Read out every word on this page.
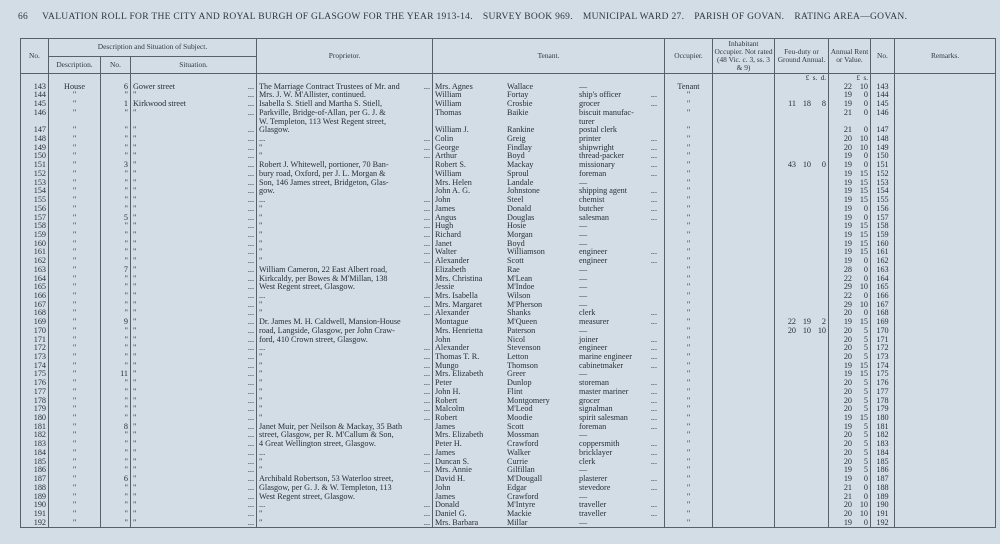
66 VALUATION ROLL FOR THE CITY AND ROYAL BURGH OF GLASGOW FOR THE YEAR 1913-14. SURVEY BOOK 969. MUNICIPAL WARD 27. PARISH OF GOVAN. RATING AREA—GOVAN.
No.	Description and Situation of Subject.			Proprietor.	Tenant.	Occupier.	Inhabitant Occupier. Not rated (48 Vic. c. 3, ss. 3 & 9)	Feu-duty or Ground Annual.	Annual Rent or Value.	No.	Remarks.
	Description.	No.	Situation.								
								£ s. d.	£ s.		
143	House	6	Gower street ...	The Marriage Contract Trustees of Mr. and ...	Mrs. Agnes Wallace —	Tenant			22 10	143	
144	"	"	" ...	Mrs. J. W. M'Allister, continued.	William Fortay ship's officer ...	"			19 0	144	
145	"	1	Kirkwood street ...	Isabella S. Stiell and Martha S. Stiell,	William Crosbie grocer ...	"		11 18 8	19 0	145	
146	"	"	" ...	Parkville, Bridge-of-Allan, per G. J. &	Thomas Baikie biscuit manufac-	"			21 0	146	

				W. Templeton, 113 West Regent street,	turer						

147	"	"	" ...	Glasgow.	William J. Rankine postal clerk	"			21 0	147	
148	"	"	" ...	... ...	Colin Greig printer ...	"			20 10	148	
149	"	"	" ...	" ...	George Findlay shipwright ...	"			20 10	149	
150	"	"	" ...	" ...	Arthur Boyd thread-packer ...	"			19 0	150	
151	"	3	" ...	Robert J. Whitewell, portioner, 70 Ban-	Robert S. Mackay missionary ...	"		43 10 0	19 0	151	
152	"	"	" ...	bury road, Oxford, per J. L. Morgan &	William Sproul foreman ...	"			19 15	152	
153	"	"	" ...	Son, 146 James street, Bridgeton, Glas-	Mrs. Helen Landale —	"			19 15	153	
154	"	"	" ...	gow.	John A. G. Johnstone shipping agent ...	"			19 15	154	
155	"	"	" ...	... ...	John Steel chemist ...	"			19 15	155	
156	"	"	" ...	" ...	James Donald butcher ...	"			19 0	156	
157	"	5	" ...	" ...	Angus Douglas salesman ...	"			19 0	157	
158	"	"	" ...	" ...	Hugh Hosie —	"			19 15	158	
159	"	"	" ...	" ...	Richard Morgan —	"			19 15	159	
160	"	"	" ...	" ...	Janet Boyd —	"			19 15	160	
161	"	"	" ...	" ...	Walter Williamson engineer ...	"			19 15	161	
162	"	"	" ...	" ...	Alexander Scott engineer ...	"			19 0	162	
163	"	7	" ...	William Cameron, 22 East Albert road,	Elizabeth Rae —	"			28 0	163	
164	"	"	" ...	Kirkcaldy, per Bowes & M'Millan, 138	Mrs. Christina M'Lean —	"			22 0	164	
165	"	"	" ...	West Regent street, Glasgow.	Jessie M'Indoe —	"			29 10	165	
166	"	"	" ...	... ...	Mrs. Isabella Wilson —	"			22 0	166	
167	"	"	" ...	" ...	Mrs. Margaret M'Pherson —	"			29 10	167	
168	"	"	" ...	" ...	Alexander Shanks clerk ...	"			20 0	168	
169	"	9	" ...	Dr. James M. H. Caldwell, Mansion-House	Montague M'Queen measurer ...	"		22 19 2	19 15	169	
170	"	"	" ...	road, Langside, Glasgow, per John Craw-	Mrs. Henrietta Paterson —	"		20 10 10	20 5	170	
171	"	"	" ...	ford, 410 Crown street, Glasgow.	John Nicol joiner ...	"			20 5	171	
172	"	"	" ...	... ...	Alexander Stevenson engineer ...	"			20 5	172	
173	"	"	" ...	" ...	Thomas T. R. Letton marine engineer ...	"			20 5	173	
174	"	"	" ...	" ...	Mungo Thomson cabinetmaker ...	"			19 15	174	
175	"	11	" ...	" ...	Mrs. Elizabeth Greer —	"			19 15	175	
176	"	"	" ...	" ...	Peter Dunlop storeman ...	"			20 5	176	
177	"	"	" ...	" ...	John H. Flint master mariner ...	"			20 5	177	
178	"	"	" ...	" ...	Robert Montgomery grocer ...	"			20 5	178	
179	"	"	" ...	" ...	Malcolm M'Leod signalman ...	"			20 5	179	
180	"	"	" ...	" ...	Robert Moodie spirit salesman ...	"			19 15	180	
181	"	8	" ...	Janet Muir, per Neilson & Mackay, 35 Bath	James Scott foreman ...	"			19 5	181	
182	"	"	" ...	street, Glasgow, per R. M'Callum & Son,	Mrs. Elizabeth Mossman —	"			20 5	182	
183	"	"	" ...	4 Great Wellington street, Glasgow.	Peter H. Crawford coppersmith ...	"			20 5	183	
184	"	"	" ...	... ...	James Walker bricklayer ...	"			20 5	184	
185	"	"	" ...	" ...	Duncan S. Currie clerk ...	"			20 5	185	
186	"	"	" ...	" ...	Mrs. Annie Gilfillan —	"			19 5	186	
187	"	6	" ...	Archibald Robertson, 53 Waterloo street,	David H. M'Dougall plasterer ...	"			19 0	187	
188	"	"	" ...	Glasgow, per G. J. & W. Templeton, 113	John Edgar stevedore ...	"			21 0	188	
189	"	"	" ...	West Regent street, Glasgow.	James Crawford —	"			21 0	189	
190	"	"	" ...	... ...	Donald M'Intyre traveller ...	"			20 10	190	
191	"	"	" ...	" ...	Daniel G. Mackie traveller ...	"			20 10	191	
192	"	"	" ...	" ...	Mrs. Barbara Millar —	"			19 0	192	
